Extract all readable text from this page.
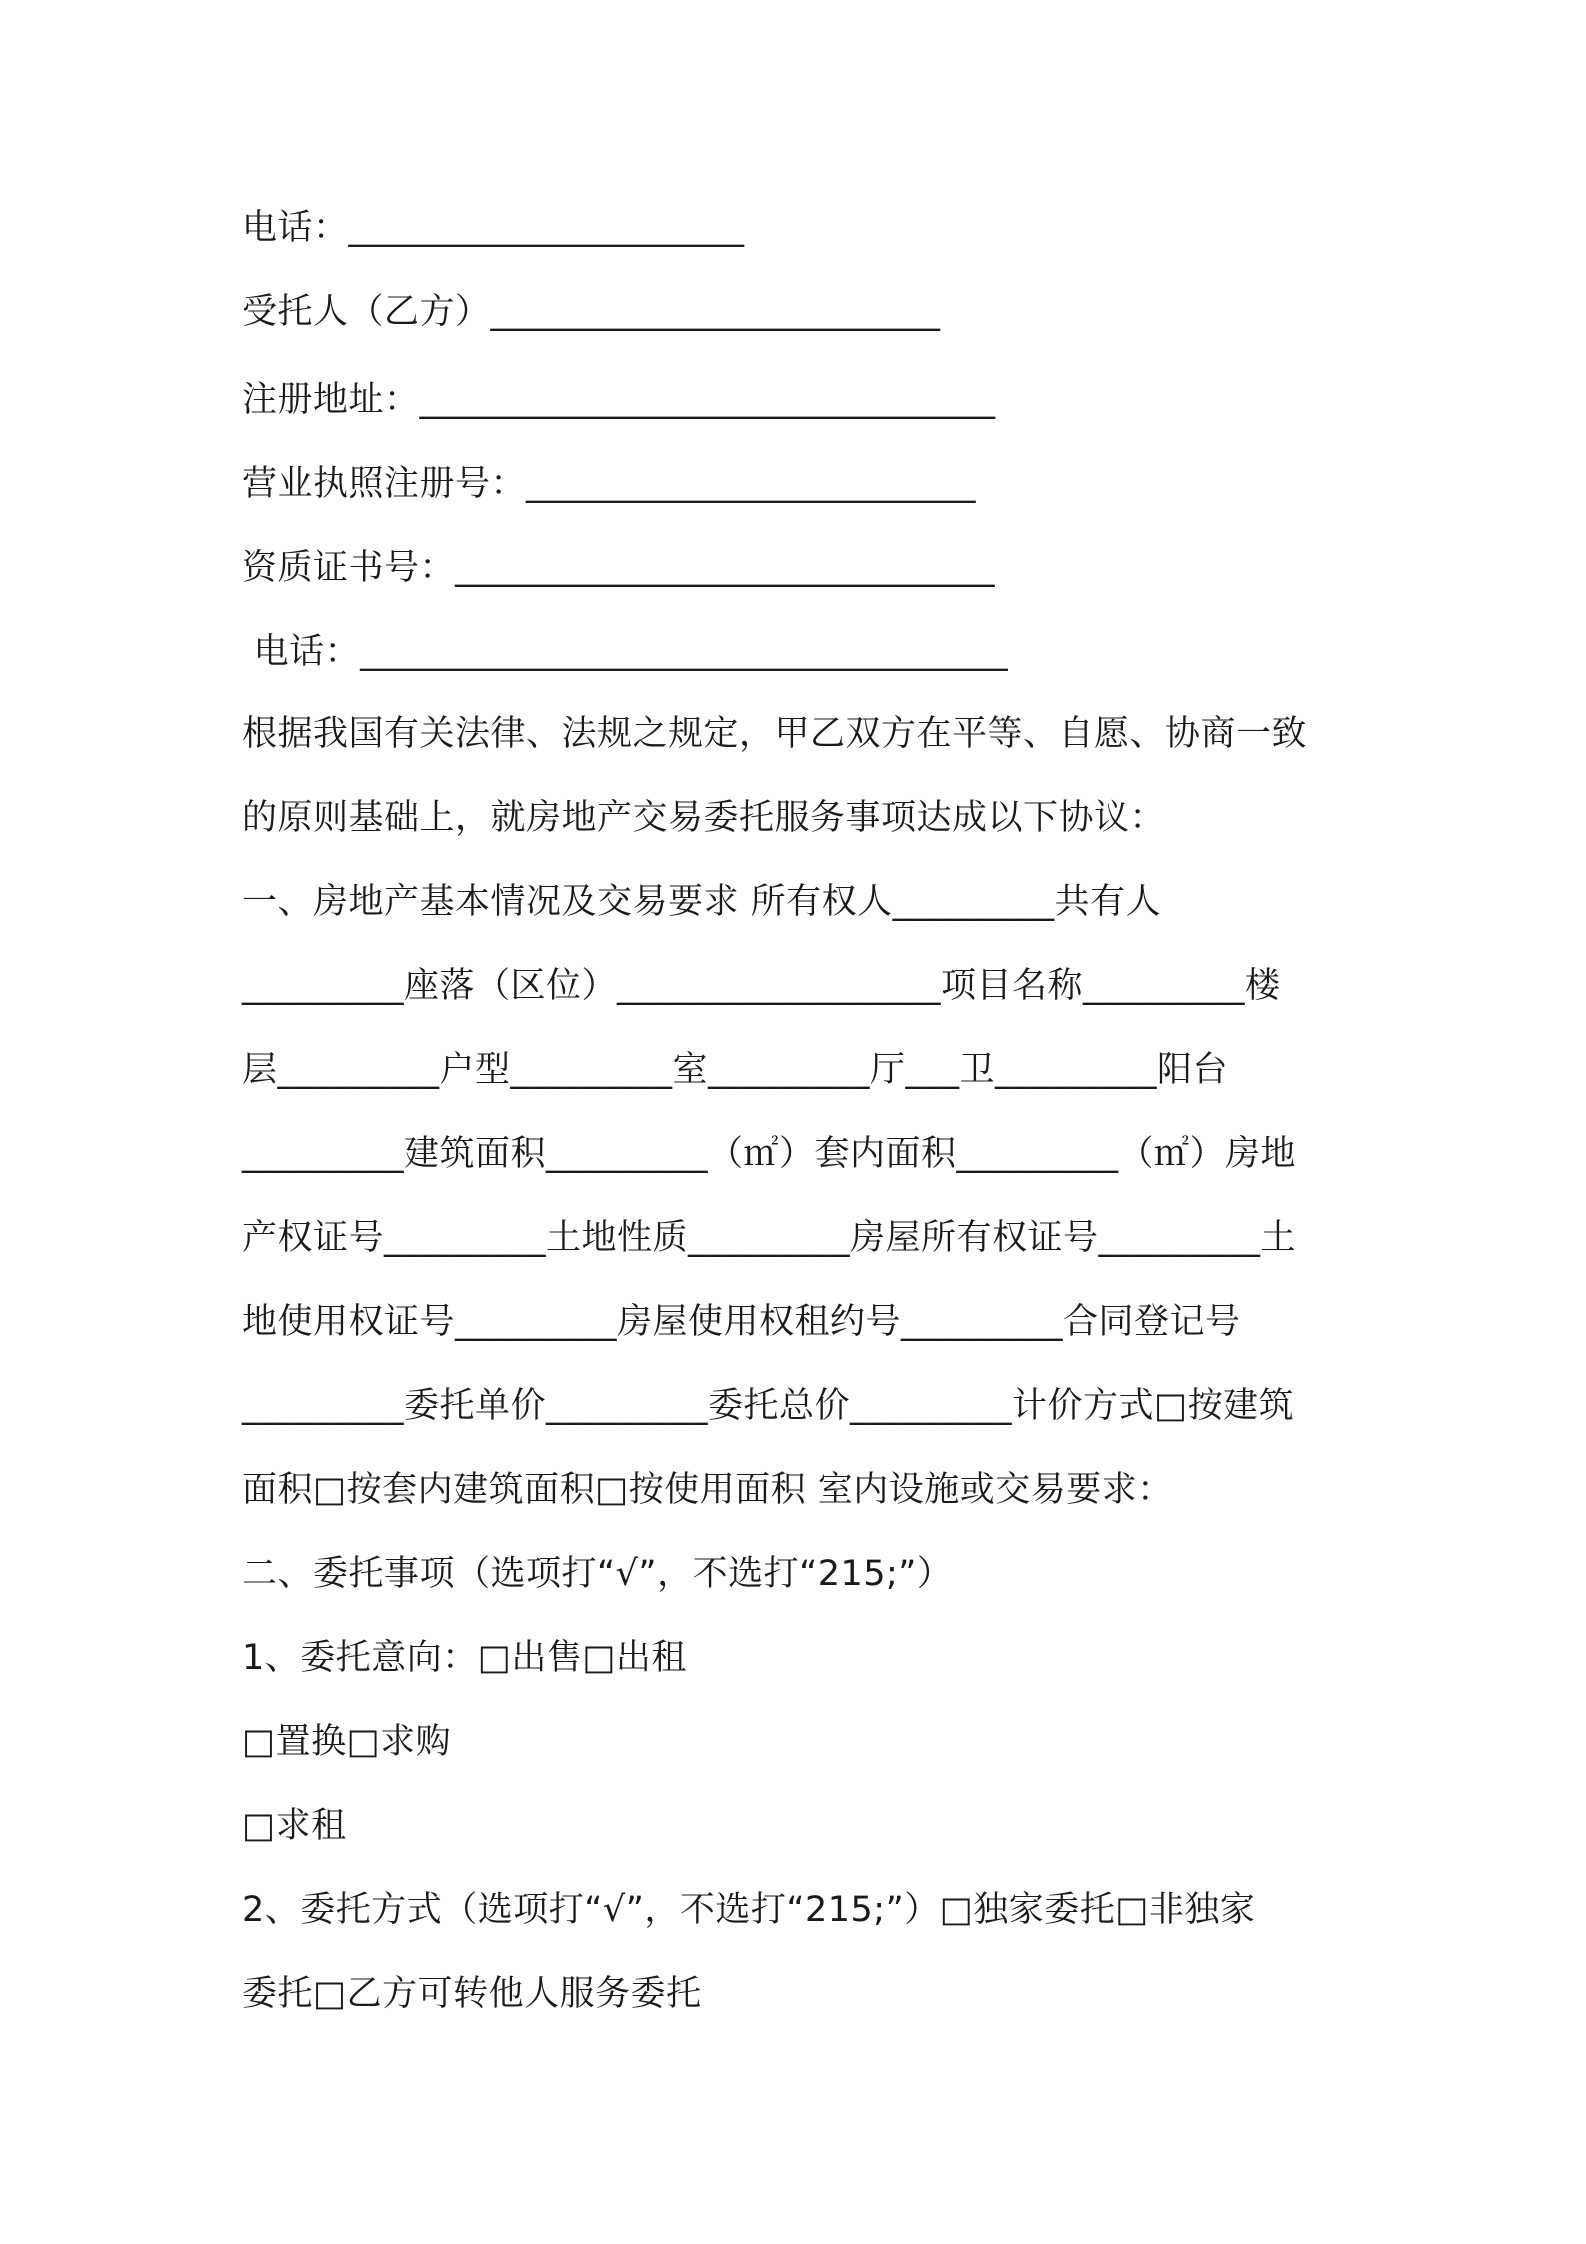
电话：______________________
受托人（乙方）_________________________
注册地址：________________________________
营业执照注册号：_________________________
资质证书号：______________________________
电话：____________________________________
根据我国有关法律、法规之规定，甲乙双方在平等、自愿、协商一致
的原则基础上，就房地产交易委托服务事项达成以下协议：
一、房地产基本情况及交易要求 所有权人_________共有人
_________座落（区位）__________________项目名称_________楼
层_________户型_________室_________厅___卫_________阳台
_________建筑面积_________（㎡）套内面积_________（㎡）房地
产权证号_________土地性质_________房屋所有权证号_________土
地使用权证号_________房屋使用权租约号_________合同登记号
_________委托单价_________委托总价_________计价方式□按建筑
面积□按套内建筑面积□按使用面积 室内设施或交易要求：
二、委托事项（选项打“√”，不选打“215;”）
1、委托意向：□出售□出租
□置换□求购
□求租
2、委托方式（选项打“√”，不选打“215;”）□独家委托□非独家
委托□乙方可转他人服务委托
